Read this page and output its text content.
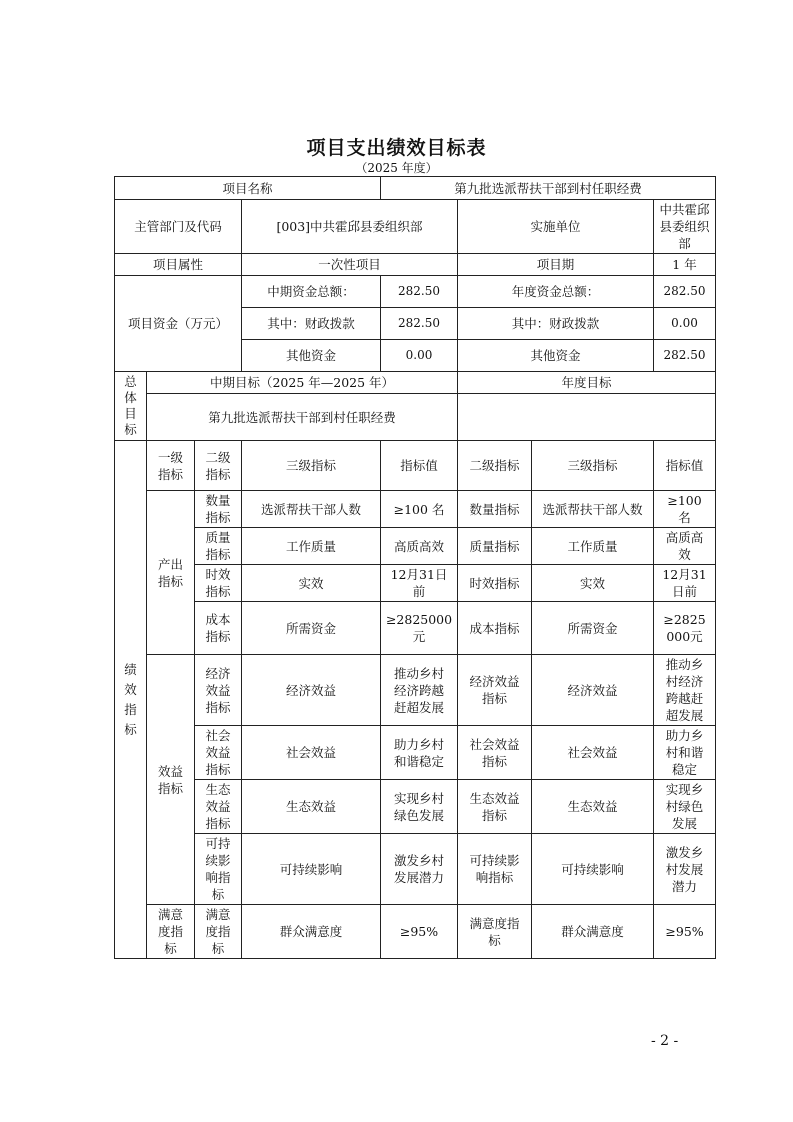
项目支出绩效目标表
（2025 年度）
项目名称				第九批选派帮扶干部到村任职经费			
主管部门及代码			[003]中共霍邱县委组织部		实施单位		中共霍邱县委组织部
项目属性			一次性项目		项目期		1 年
项目资金（万元）			中期资金总额：	282.50	年度资金总额：		282.50
			其中：财政拨款	282.50	其中：财政拨款		0.00
			其他资金	0.00	其他资金		282.50

总体目标	中期目标（2025 年—2025 年）				年度目标		
	第九批选派帮扶干部到村任职经费						

绩效指标	一级指标	二级指标	三级指标	指标值	二级指标	三级指标	指标值

	产出指标	数量指标	选派帮扶干部人数	≥100 名	数量指标	选派帮扶干部人数	≥100名

		质量指标	工作质量	高质高效	质量指标	工作质量	高质高效

		时效指标	实效	12月31日前	时效指标	实效	12月31日前

		成本指标	所需资金	≥2825000元	成本指标	所需资金	≥2825000元

	效益指标	经济效益指标	经济效益	推动乡村经济跨越赶超发展	经济效益指标	经济效益	推动乡村经济跨越赶超发展

		社会效益指标	社会效益	助力乡村和谐稳定	社会效益指标	社会效益	助力乡村和谐稳定

		生态效益指标	生态效益	实现乡村绿色发展	生态效益指标	生态效益	实现乡村绿色发展

		可持续影响指标	可持续影响	激发乡村发展潜力	可持续影响指标	可持续影响	激发乡村发展潜力

	满意度指标	满意度指标	群众满意度	≥95%	满意度指标	群众满意度	≥95%
- 2 -
